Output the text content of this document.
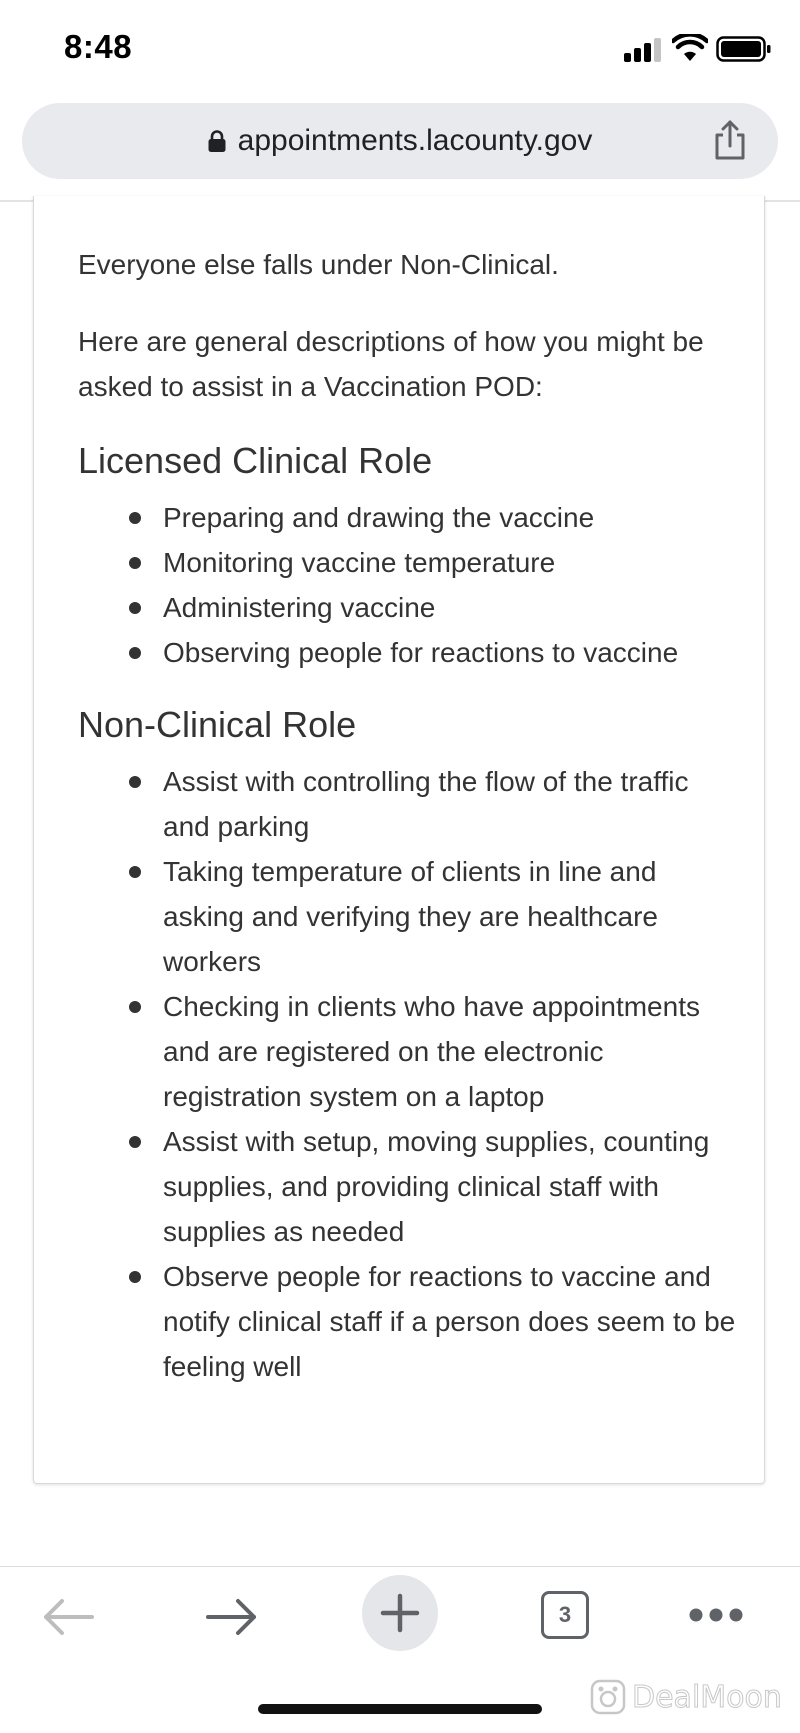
8:48
appointments.lacounty.gov

Everyone else falls under Non-Clinical.

Here are general descriptions of how you might be asked to assist in a Vaccination POD:

Licensed Clinical Role
Preparing and drawing the vaccine
Monitoring vaccine temperature
Administering vaccine
Observing people for reactions to vaccine
Non-Clinical Role
Assist with controlling the flow of the traffic and parking
Taking temperature of clients in line and asking and verifying they are healthcare workers
Checking in clients who have appointments and are registered on the electronic registration system on a laptop
Assist with setup, moving supplies, counting supplies, and providing clinical staff with supplies as needed
Observe people for reactions to vaccine and notify clinical staff if a person does seem to be feeling well
3
DealMoon
